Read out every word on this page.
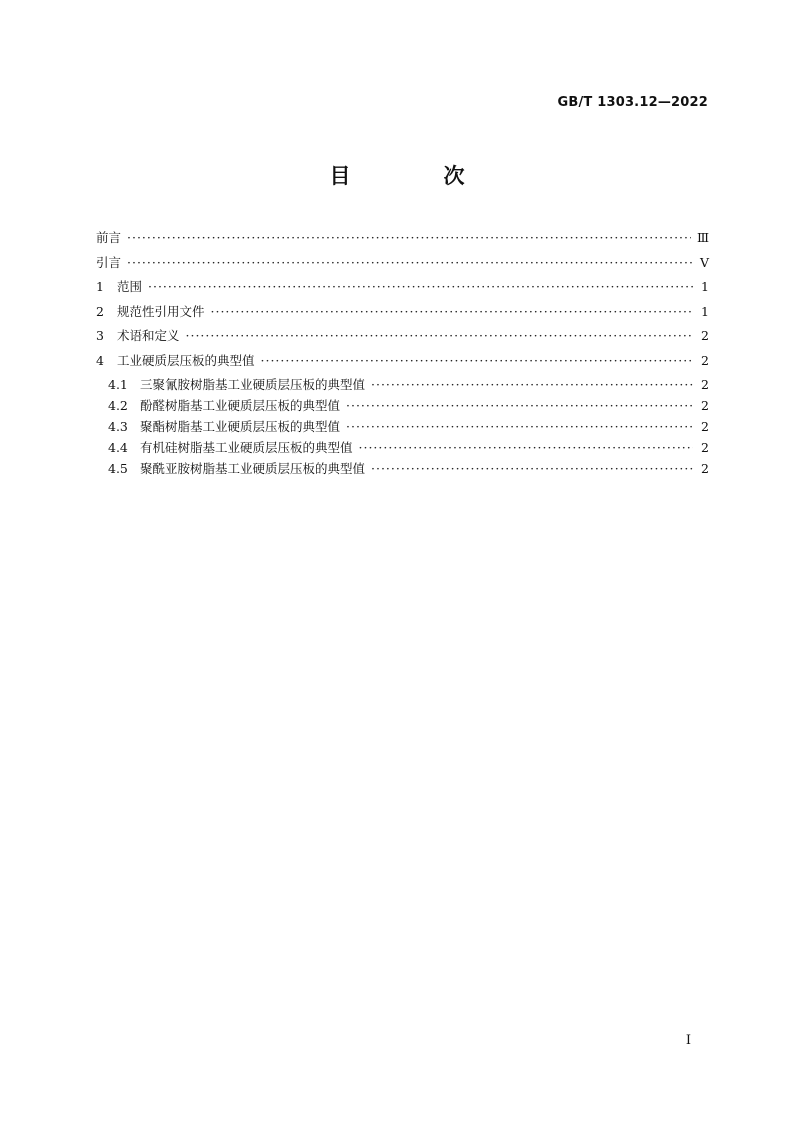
GB/T 1303.12—2022
目　次
前言 ·····	Ⅲ
引言 ·····	Ⅴ
1	范围 ·····	1
2	规范性引用文件 ·····	1
3	术语和定义 ·····	2
4	工业硬质层压板的典型值 ·····	2
4.1 三聚氰胺树脂基工业硬质层压板的典型值 ·····	2
4.2 酚醛树脂基工业硬质层压板的典型值 ·····	2
4.3 聚酯树脂基工业硬质层压板的典型值 ·····	2
4.4 有机硅树脂基工业硬质层压板的典型值 ·····	2
4.5 聚酰亚胺树脂基工业硬质层压板的典型值 ·····	2
I
